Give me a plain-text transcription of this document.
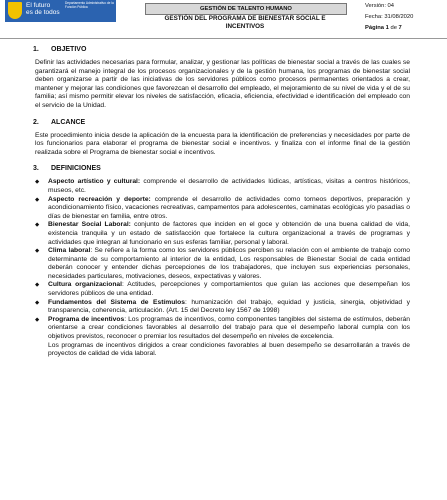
El futuro
es de todos
Departamento Administrativo de la Función Pública	GESTIÓN DE TALENTO HUMANO
GESTIÓN DEL PROGRAMA DE BIENESTAR SOCIAL E INCENTIVOS
Versión: 04
Fecha: 31/08/2020
Página 1 de 7
1. OBJETIVO

Definir las actividades necesarias para formular, analizar, y gestionar las políticas de bienestar social a través de las cuales se garantizará el manejo integral de los procesos organizacionales y de la gestión humana, los programas de bienestar social deben organizarse a partir de las iniciativas de los servidores públicos como procesos permanentes orientados a crear, mantener y mejorar las condiciones que favorezcan el desarrollo del empleado, el mejoramiento de su nivel de vida y el de su familia; así mismo permitir elevar los niveles de satisfacción, eficacia, eficiencia, efectividad e identificación del empleado con el servicio de la Unidad.

2. ALCANCE

Este procedimiento inicia desde la aplicación de la encuesta para la identificación de preferencias y necesidades por parte de los funcionarios para elaborar el programa de bienestar social e incentivos. y finaliza con el informe final de la gestión realizada sobre el Programa de bienestar social e incentivos.

3. DEFINICIONES
◆ Aspecto artístico y cultural: comprende el desarrollo de actividades lúdicas, artísticas, visitas a centros históricos, museos, etc.
◆ Aspecto recreación y deporte: comprende el desarrollo de actividades como torneos deportivos, preparación y acondicionamiento físico, vacaciones recreativas, campamentos para adolescentes, caminatas ecológicas y/o pasadías o días de bienestar en familia, entre otros.
◆ Bienestar Social Laboral: conjunto de factores que inciden en el goce y obtención de una buena calidad de vida, existencia tranquila y un estado de satisfacción que fortalece la cultura organizacional a través de programas y actividades que integran al funcionario en sus esferas familiar, personal y laboral.
◆ Clima laboral: Se refiere a la forma como los servidores públicos perciben su relación con el ambiente de trabajo como determinante de su comportamiento al interior de la entidad, Los responsables de Bienestar Social de cada entidad deberán conocer y entender dichas percepciones de los trabajadores, que incluyen sus experiencias personales, necesidades particulares, motivaciones, deseos, expectativas y valores.
◆ Cultura organizacional: Actitudes, percepciones y comportamientos que guían las acciones que desempeñan los servidores públicos de una entidad.
◆ Fundamentos del Sistema de Estímulos: humanización del trabajo, equidad y justicia, sinergia, objetividad y transparencia, coherencia, articulación. (Art. 15 del Decreto ley 1567 de 1998)
◆ Programa de incentivos: Los programas de incentivos, como componentes tangibles del sistema de estímulos, deberán orientarse a crear condiciones favorables al desarrollo del trabajo para que el desempeño laboral cumpla con los objetivos previstos, reconocer o premiar los resultados del desempeño en niveles de excelencia.
Los programas de incentivos dirigidos a crear condiciones favorables al buen desempeño se desarrollarán a través de proyectos de calidad de vida laboral.
